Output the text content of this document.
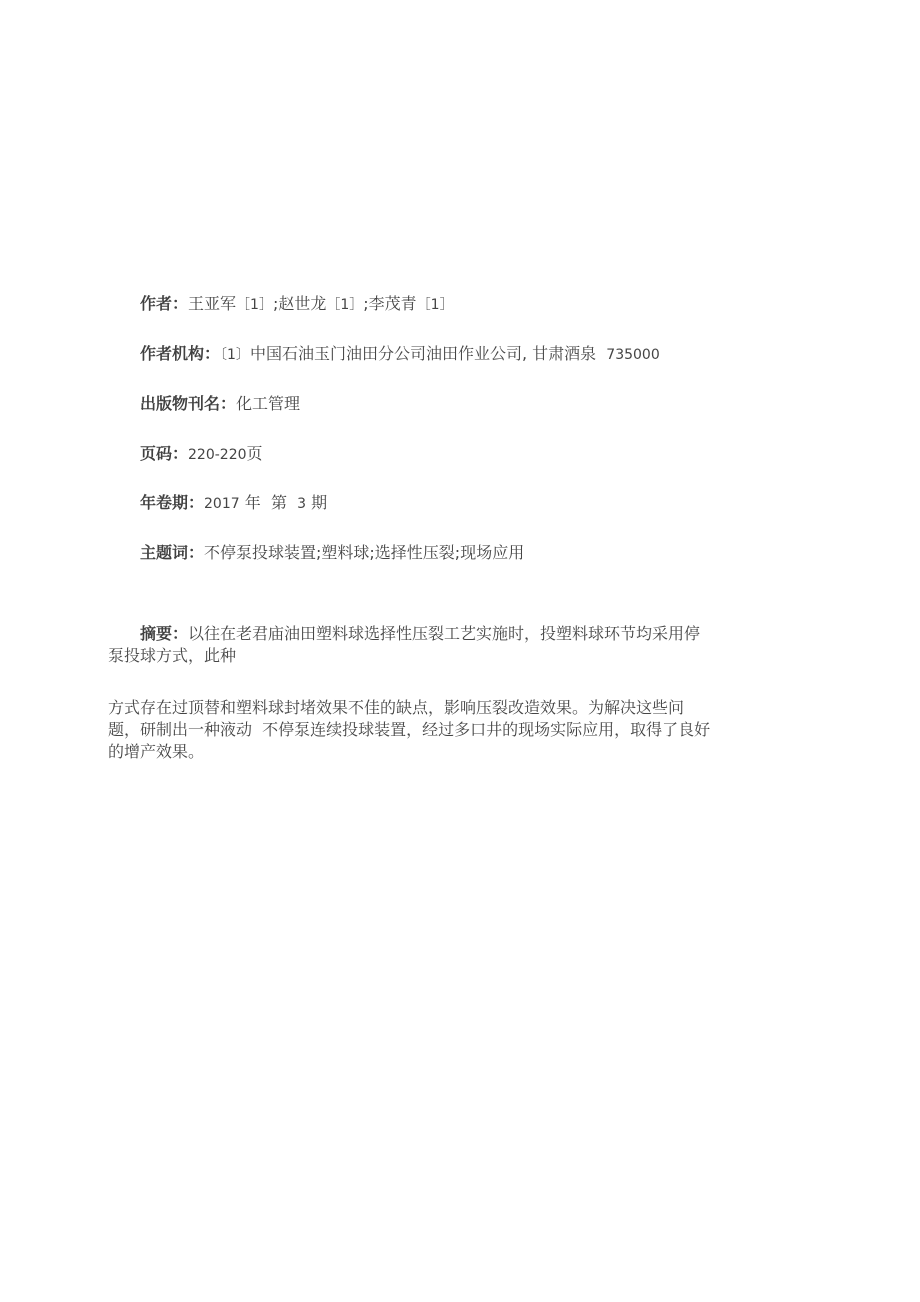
作者：王亚军［1］;赵世龙［1］;李茂青［1］
作者机构：〔1〕中国石油玉门油田分公司油田作业公司, 甘肃酒泉 735000
出版物刊名：化工管理
页码：220-220页
年卷期：2017 年 第 3 期
主题词：不停泵投球装置;塑料球;选择性压裂;现场应用
摘要：以往在老君庙油田塑料球选择性压裂工艺实施时，投塑料球环节均采用停
泵投球方式，此种
方式存在过顶替和塑料球封堵效果不佳的缺点，影响压裂改造效果。为解决这些问
题，研制出一种液动  不停泵连续投球装置，经过多口井的现场实际应用，取得了良好
的增产效果。
